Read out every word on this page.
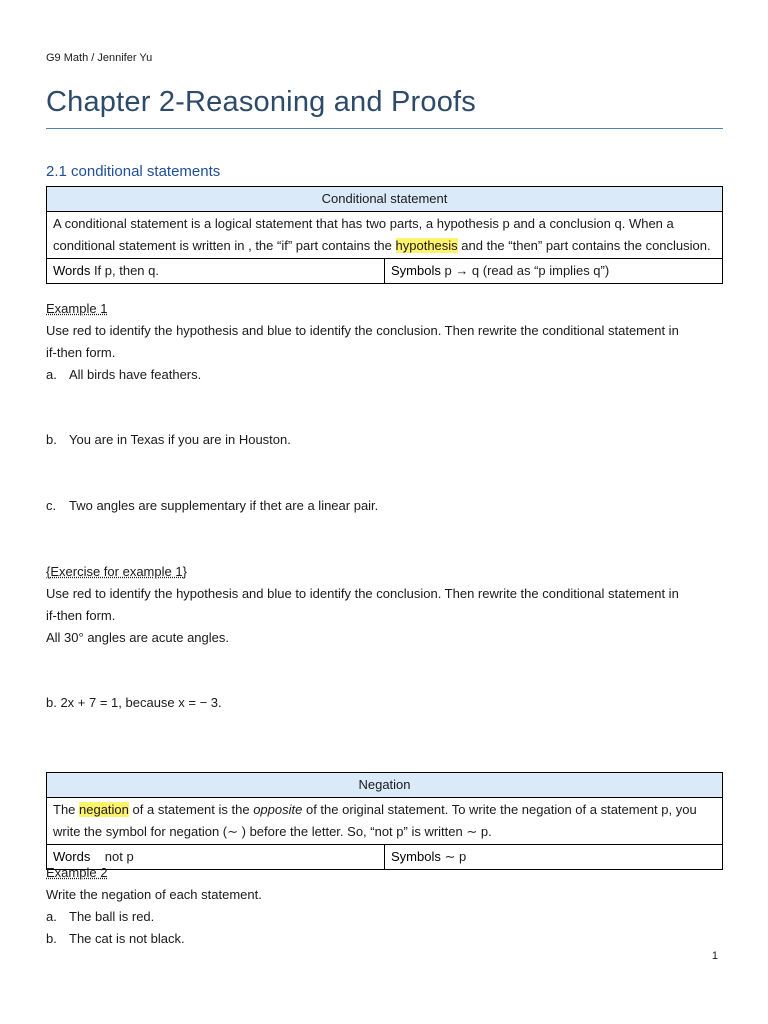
G9 Math / Jennifer Yu
Chapter 2-Reasoning and Proofs
2.1 conditional statements
Conditional statement
A conditional statement is a logical statement that has two parts, a hypothesis p and a conclusion q. When a conditional statement is written in , the “if” part contains the hypothesis and the “then” part contains the conclusion.
Words If p, then q.	Symbols p → q (read as “p implies q”)
Example 1
Use red to identify the hypothesis and blue to identify the conclusion. Then rewrite the conditional statement in if-then form.
a. All birds have feathers.
b. You are in Texas if you are in Houston.
c. Two angles are supplementary if thet are a linear pair.
{Exercise for example 1}
Use red to identify the hypothesis and blue to identify the conclusion. Then rewrite the conditional statement in if-then form.
All 30° angles are acute angles.
b. 2x + 7 = 1, because x = − 3.
Negation
The negation of a statement is the opposite of the original statement. To write the negation of a statement p, you write the symbol for negation (∼ ) before the letter. So, “not p” is written ∼ p.
Words    not p	Symbols ∼ p
Example 2
Write the negation of each statement.
a. The ball is red.
b. The cat is not black.
1
